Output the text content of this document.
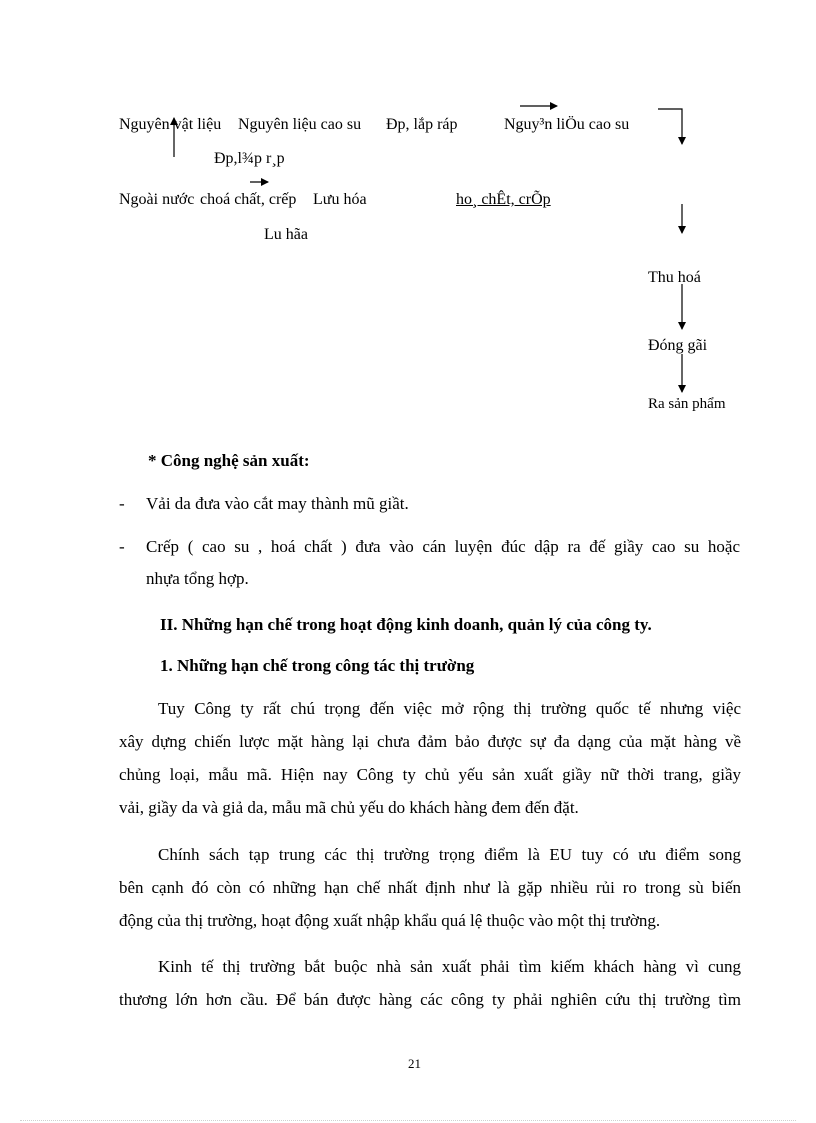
Nguyên vật liệu Nguyên liệu cao su Đp, lắp ráp	Nguy³n liÖu cao su
Đp,l¾p r¸p
Ngoài nước choá chất, crếp Lưu hóa	ho¸ chÊt, crÕp
Lu hãa
Thu hoá
Đóng gãi
Ra sản phẩm
* Công nghệ sản xuất:
- Vải da đưa vào cắt may thành mũ giầt.
- Crếp ( cao su , hoá chất ) đưa vào cán luyện đúc dập ra đế giầy cao su hoặc
nhựa tổng hợp.
II. Những hạn chế trong hoạt động kinh doanh, quản lý của công ty.
1. Những hạn chế trong công tác thị trường
Tuy Công ty rất chú trọng đến việc mở rộng thị trường quốc tế nhưng việc
xây dựng chiến lược mặt hàng lại chưa đảm bảo được sự đa dạng của mặt hàng về
chủng loại, mẫu mã. Hiện nay Công ty chủ yếu sản xuất giầy nữ thời trang, giầy
vải, giầy da và giả da, mẫu mã chủ yếu do khách hàng đem đến đặt.
Chính sách tạp trung các thị trường trọng điểm là EU tuy có ưu điểm song
bên cạnh đó còn có những hạn chế nhất định như là gặp nhiều rủi ro trong sù biến
động của thị trường, hoạt động xuất nhập khẩu quá lệ thuộc vào một thị trường.
Kinh tế thị trường bắt buộc nhà sản xuất phải tìm kiếm khách hàng vì cung
thương lớn hơn cầu. Để bán được hàng các công ty phải nghiên cứu thị trường tìm
21
